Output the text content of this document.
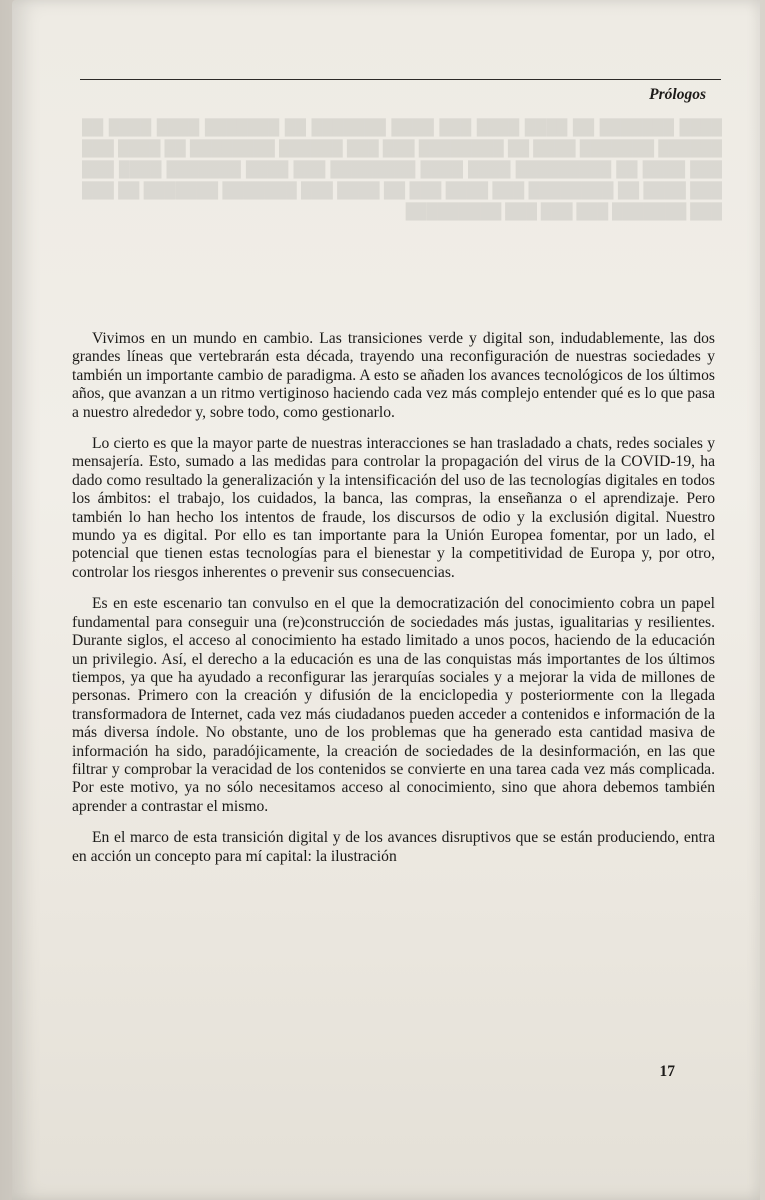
████ ███████ ██ ████ ████ ███ ████ ███████ ██ ███████ ████ ████ ██ ██████ ███████ ████ ██ ████████ ███ ███ ██████ ████████ ██ ████ ███ ███ ████ ██ █████████ ████ ████ ████████ ███ ████ ███████ ████ ███ ███ ████ ██ ████████ ███ ████ ███ ██ ████ ███ ███████ ███████ ██ ███ ███ ███████ ███ ███ ███ █████████
Prólogos

Vivimos en un mundo en cambio. Las transiciones verde y digital son, indudablemente, las dos grandes líneas que vertebrarán esta década, trayendo una reconfiguración de nuestras sociedades y también un importante cambio de paradigma. A esto se añaden los avances tecnológicos de los últimos años, que avanzan a un ritmo vertiginoso haciendo cada vez más complejo entender qué es lo que pasa a nuestro alrededor y, sobre todo, como gestionarlo.

Lo cierto es que la mayor parte de nuestras interacciones se han trasladado a chats, redes sociales y mensajería. Esto, sumado a las medidas para controlar la propagación del virus de la COVID-19, ha dado como resultado la generalización y la intensificación del uso de las tecnologías digitales en todos los ámbitos: el trabajo, los cuidados, la banca, las compras, la enseñanza o el aprendizaje. Pero también lo han hecho los intentos de fraude, los discursos de odio y la exclusión digital. Nuestro mundo ya es digital. Por ello es tan importante para la Unión Europea fomentar, por un lado, el potencial que tienen estas tecnologías para el bienestar y la competitividad de Europa y, por otro, controlar los riesgos inherentes o prevenir sus consecuencias.

Es en este escenario tan convulso en el que la democratización del conocimiento cobra un papel fundamental para conseguir una (re)construcción de sociedades más justas, igualitarias y resilientes. Durante siglos, el acceso al conocimiento ha estado limitado a unos pocos, haciendo de la educación un privilegio. Así, el derecho a la educación es una de las conquistas más importantes de los últimos tiempos, ya que ha ayudado a reconfigurar las jerarquías sociales y a mejorar la vida de millones de personas. Primero con la creación y difusión de la enciclopedia y posteriormente con la llegada transformadora de Internet, cada vez más ciudadanos pueden acceder a contenidos e información de la más diversa índole. No obstante, uno de los problemas que ha generado esta cantidad masiva de información ha sido, paradójicamente, la creación de sociedades de la desinformación, en las que filtrar y comprobar la veracidad de los contenidos se convierte en una tarea cada vez más complicada. Por este motivo, ya no sólo necesitamos acceso al conocimiento, sino que ahora debemos también aprender a contrastar el mismo.

En el marco de esta transición digital y de los avances disruptivos que se están produciendo, entra en acción un concepto para mí capital: la ilustración

17
